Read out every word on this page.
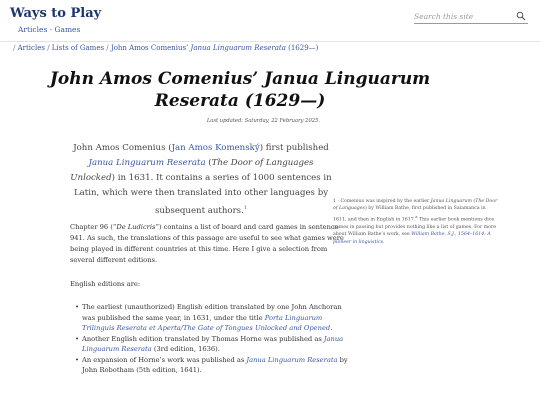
Ways to Play
Articles · Games
Search this site
/ Articles / Lists of Games / John Amos Comenius’ Janua Linguarum Reserata (1629—)
John Amos Comenius’ Janua Linguarum Reserata (1629—)
Last updated: Saturday, 22 February 2025.

John Amos Comenius (Jan Amos Komenský) first published Janua Linguarum Reserata (The Door of Languages Unlocked) in 1631. It contains a series of 1000 sentences in Latin, which were then translated into other languages by subsequent authors.$^1$

Chapter 96 (“De Ludicris”) contains a list of board and card games in sentence 941. As such, the translations of this passage are useful to see what games were being played in different countries at this time. Here I give a selection from several different editions.

English editions are:

• The earliest (unauthorized) English edition translated by one John Anchoran was published the same year, in 1631, under the title Porta Linguarum Trilinguis Reserata et Aperta/The Gate of Tongues Unlocked and Opened.
• Another English edition translated by Thomas Horne was published as Janua Linguarum Reserata (3rd edition, 1636).
• An expansion of Horne’s work was published as Janua Linguarum Reserata by John Robotham (5th edition, 1641).
1 · Comenius was inspired by the earlier Janua Linguarum (The Door of Languages) by William Bathe, first published in Salamanca in 1611, and then in English in 1617.$^a$ This earlier book mentions dice games in passing but provides nothing like a list of games. For more about William Bathe’s work, see William Bathe, S.J., 1564–1614: A pioneer in linguistics.
